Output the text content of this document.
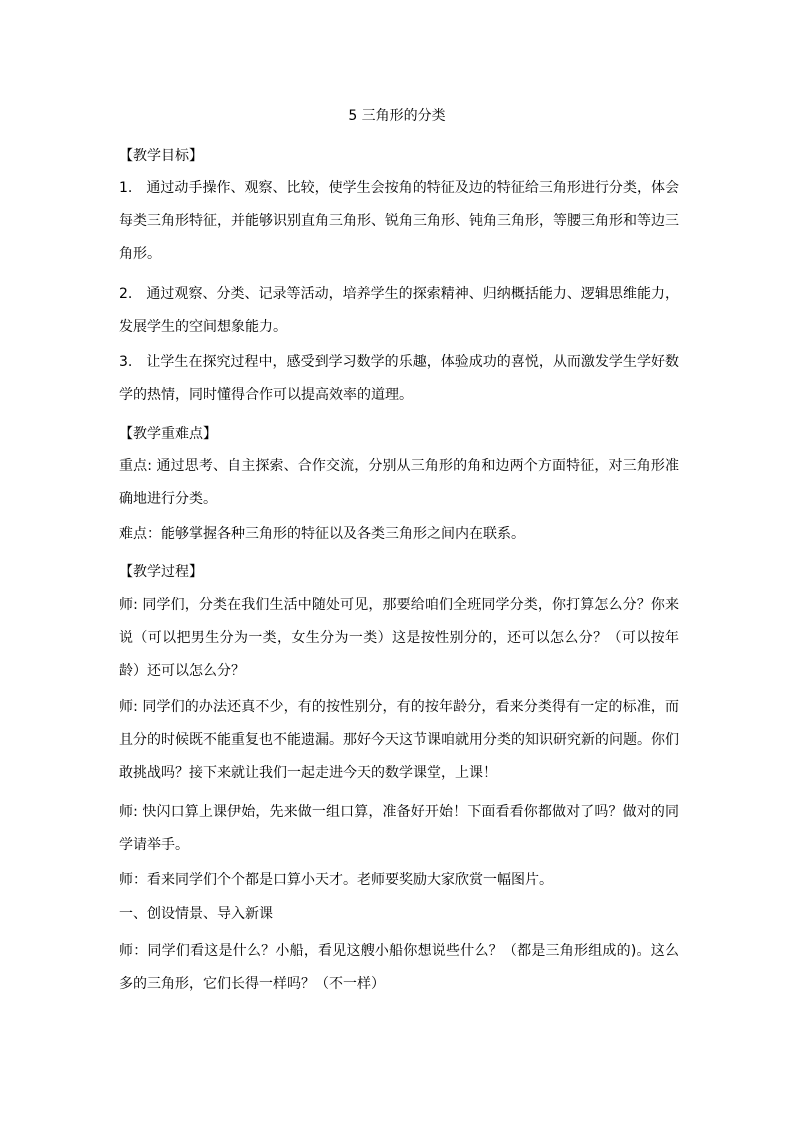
5 三角形的分类
【教学目标】

1.　通过动手操作、观察、比较，使学生会按角的特征及边的特征给三角形进行分类，体会每类三角形特征，并能够识别直角三角形、锐角三角形、钝角三角形，等腰三角形和等边三角形。

2.　通过观察、分类、记录等活动，培养学生的探索精神、归纳概括能力、逻辑思维能力，发展学生的空间想象能力。

3.　让学生在探究过程中，感受到学习数学的乐趣，体验成功的喜悦，从而激发学生学好数学的热情，同时懂得合作可以提高效率的道理。

【教学重难点】

重点: 通过思考、自主探索、合作交流，分别从三角形的角和边两个方面特征，对三角形准确地进行分类。

难点：能够掌握各种三角形的特征以及各类三角形之间内在联系。

【教学过程】

师: 同学们，分类在我们生活中随处可见，那要给咱们全班同学分类，你打算怎么分？你来说（可以把男生分为一类，女生分为一类）这是按性别分的，还可以怎么分？（可以按年龄）还可以怎么分？

师: 同学们的办法还真不少，有的按性别分，有的按年龄分，看来分类得有一定的标准，而且分的时候既不能重复也不能遗漏。那好今天这节课咱就用分类的知识研究新的问题。你们敢挑战吗？接下来就让我们一起走进今天的数学课堂，上课！

师: 快闪口算上课伊始，先来做一组口算，准备好开始！下面看看你都做对了吗？做对的同学请举手。

师：看来同学们个个都是口算小天才。老师要奖励大家欣赏一幅图片。

一、创设情景、导入新课

师：同学们看这是什么？小船，看见这艘小船你想说些什么？（都是三角形组成的)。这么多的三角形，它们长得一样吗？（不一样）
